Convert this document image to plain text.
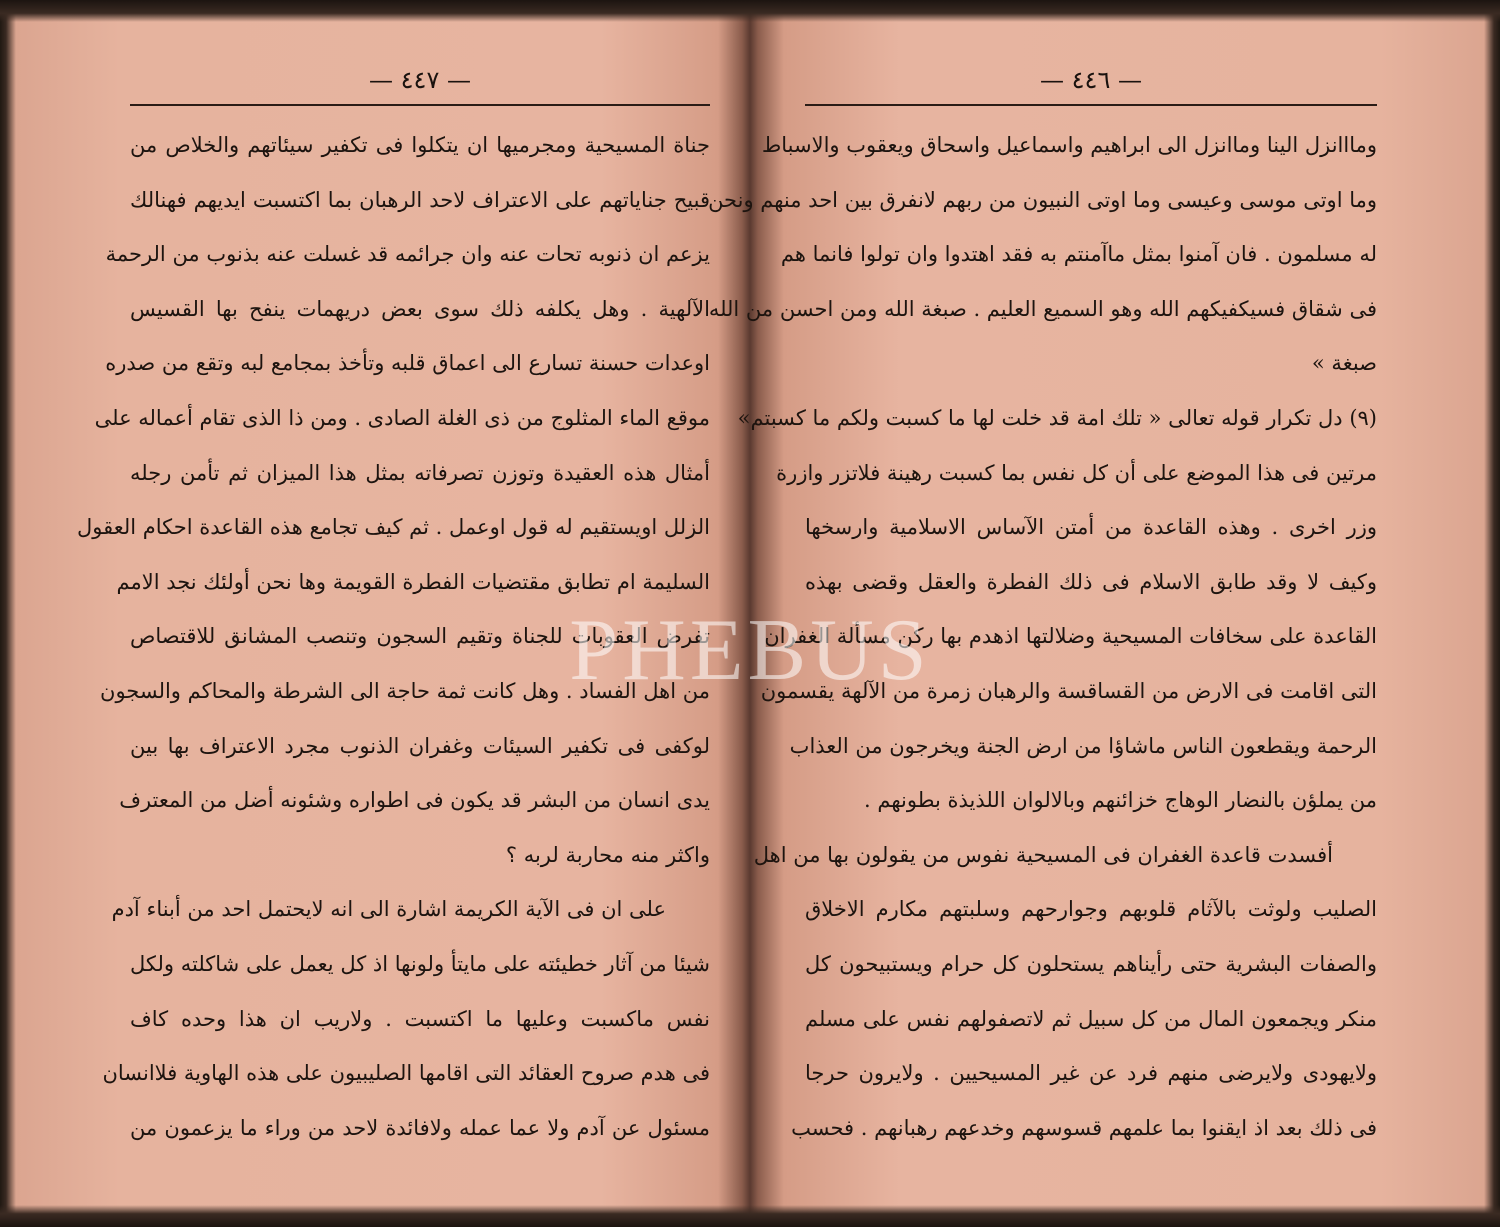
— ٤٤٧ —
جناة المسيحية ومجرميها ان يتكلوا فى تكفير سيئاتهم والخلاص من
قبيح جناياتهم على الاعتراف لاحد الرهبان بما اكتسبت ايديهم فهنالك
يزعم ان ذنوبه تحات عنه وان جرائمه قد غسلت عنه بذنوب من الرحمة
الآلهية . وهل يكلفه ذلك سوى بعض دريهمات ينفح بها القسيس
اوعدات حسنة تسارع الى اعماق قلبه وتأخذ بمجامع لبه وتقع من صدره
موقع الماء المثلوج من ذى الغلة الصادى . ومن ذا الذى تقام أعماله على
أمثال هذه العقيدة وتوزن تصرفاته بمثل هذا الميزان ثم تأمن رجله
الزلل اويستقيم له قول اوعمل . ثم كيف تجامع هذه القاعدة احكام العقول
السليمة ام تطابق مقتضيات الفطرة القويمة وها نحن أولئك نجد الامم
تفرض العقوبات للجناة وتقيم السجون وتنصب المشانق للاقتصاص
من اهل الفساد . وهل كانت ثمة حاجة الى الشرطة والمحاكم والسجون
لوكفى فى تكفير السيئات وغفران الذنوب مجرد الاعتراف بها بين
يدى انسان من البشر قد يكون فى اطواره وشئونه أضل من المعترف
واكثر منه محاربة لربه ؟
على ان فى الآية الكريمة اشارة الى انه لايحتمل احد من أبناء آدم
شيئا من آثار خطيئته على مايتأ ولونها اذ كل يعمل على شاكلته ولكل
نفس ماكسبت وعليها ما اكتسبت . ولاريب ان هذا وحده كاف
فى هدم صروح العقائد التى اقامها الصليبيون على هذه الهاوية فلاانسان
مسئول عن آدم ولا عما عمله ولافائدة لاحد من وراء ما يزعمون من
— ٤٤٦ —
ومااانزل الينا وماانزل الى ابراهيم واسماعيل واسحاق ويعقوب والاسباط
وما اوتى موسى وعيسى وما اوتى النبيون من ربهم لانفرق بين احد منهم ونحن
له مسلمون . فان آمنوا بمثل ماآمنتم به فقد اهتدوا وان تولوا فانما هم
فى شقاق فسيكفيكهم الله وهو السميع العليم . صبغة الله ومن احسن من الله
صبغة »
(٩) دل تكرار قوله تعالى « تلك امة قد خلت لها ما كسبت ولكم ما كسبتم»
مرتين فى هذا الموضع على أن كل نفس بما كسبت رهينة فلاتزر وازرة
وزر اخرى . وهذه القاعدة من أمتن الآساس الاسلامية وارسخها
وكيف لا وقد طابق الاسلام فى ذلك الفطرة والعقل وقضى بهذه
القاعدة على سخافات المسيحية وضلالتها اذهدم بها ركن مسألة الغفران
التى اقامت فى الارض من القساقسة والرهبان زمرة من الآلهة يقسمون
الرحمة ويقطعون الناس ماشاؤا من ارض الجنة ويخرجون من العذاب
من يملؤن بالنضار الوهاج خزائنهم وبالالوان اللذيذة بطونهم .
أفسدت قاعدة الغفران فى المسيحية نفوس من يقولون بها من اهل
الصليب ولوثت بالآثام قلوبهم وجوارحهم وسلبتهم مكارم الاخلاق
والصفات البشرية حتى رأيناهم يستحلون كل حرام ويستبيحون كل
منكر ويجمعون المال من كل سبيل ثم لاتصفولهم نفس على مسلم
ولايهودى ولايرضى منهم فرد عن غير المسيحيين . ولايرون حرجا
فى ذلك بعد اذ ايقنوا بما علمهم قسوسهم وخدعهم رهبانهم . فحسب
PHEBUS
